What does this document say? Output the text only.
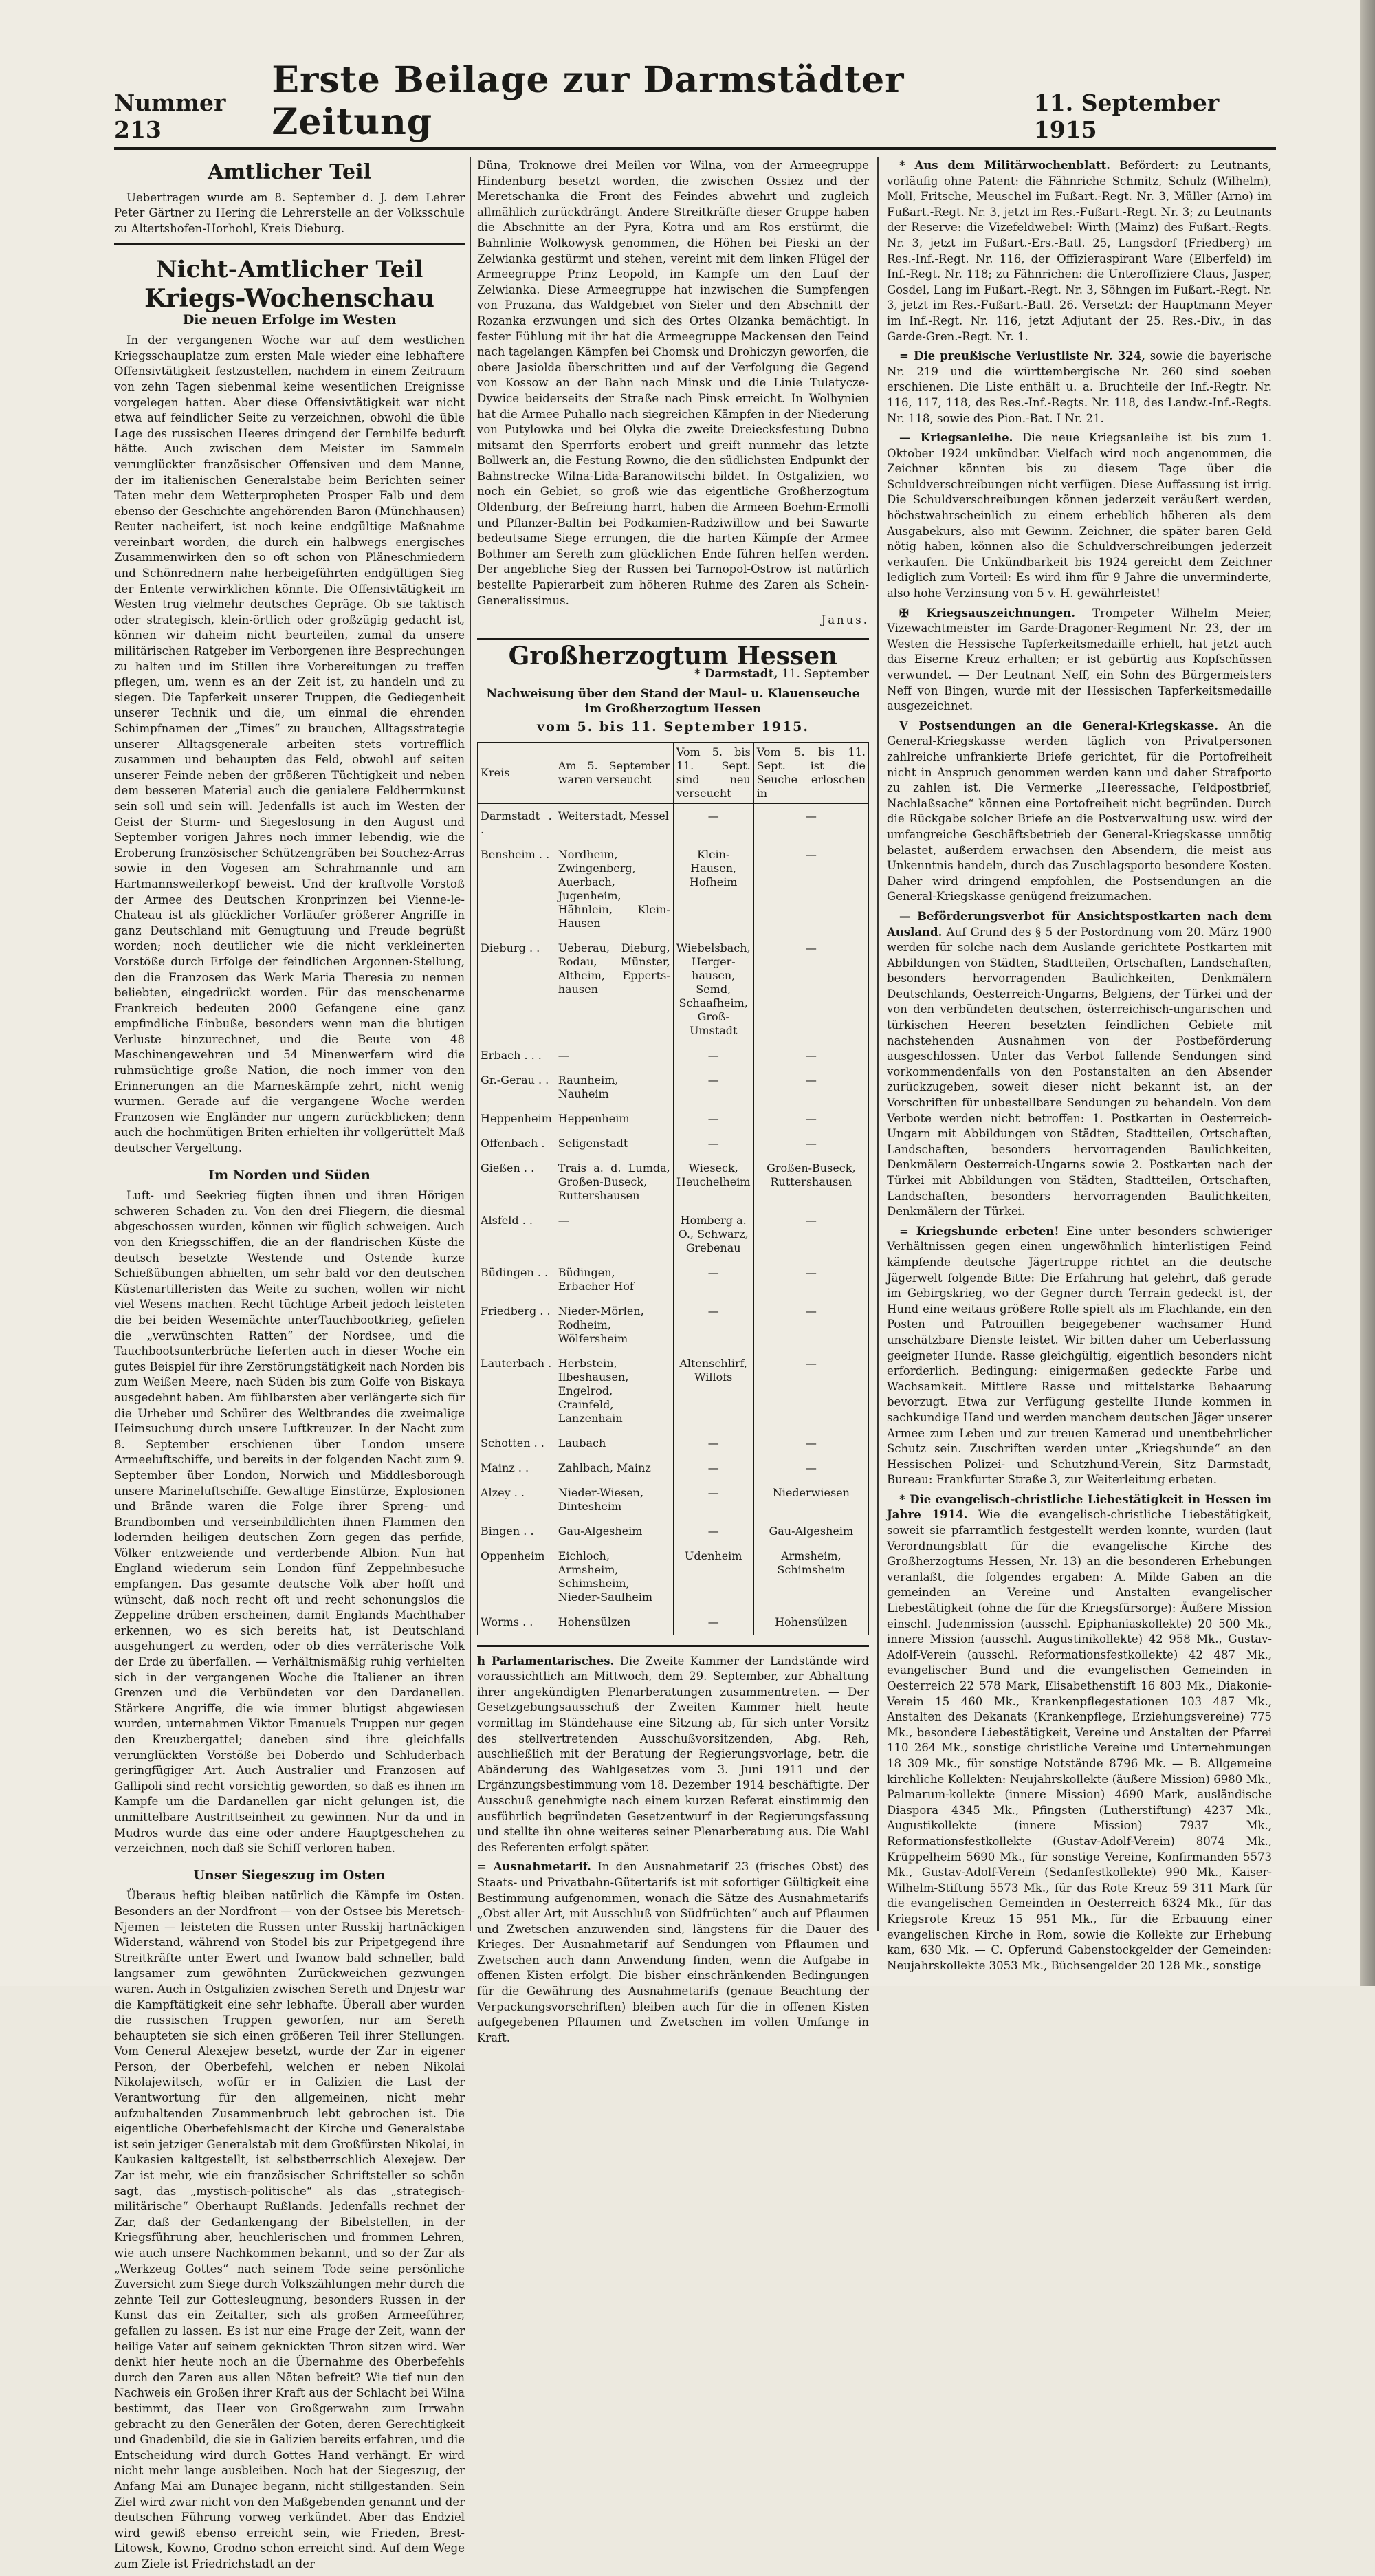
Nummer 213
Erste Beilage zur Darmstädter Zeitung	11. September 1915
Amtlicher Teil

Uebertragen wurde am 8. September d. J. dem Lehrer Peter Gärtner zu Hering die Lehrerstelle an der Volksschule zu Altertshofen-Horhohl, Kreis Dieburg.

Nicht-Amtlicher Teil
Kriegs-Wochenschau
Die neuen Erfolge im Westen

In der vergangenen Woche war auf dem westlichen Kriegsschauplatze zum ersten Male wieder eine lebhaftere Offensivtätigkeit festzustellen, nachdem in einem Zeitraum von zehn Tagen siebenmal keine wesentlichen Ereignisse vorgelegen hatten. Aber diese Offensivtätigkeit war nicht etwa auf feindlicher Seite zu verzeichnen, obwohl die üble Lage des russischen Heeres dringend der Fernhilfe bedurft hätte. Auch zwischen dem Meister im Sammeln verunglückter französischer Offensiven und dem Manne, der im italienischen Generalstabe beim Berichten seiner Taten mehr dem Wetterpropheten Prosper Falb und dem ebenso der Geschichte angehörenden Baron (Münchhausen) Reuter nacheifert, ist noch keine endgültige Maßnahme vereinbart worden, die durch ein halbwegs energisches Zusammenwirken den so oft schon von Pläneschmiedern und Schönrednern nahe herbeigeführten endgültigen Sieg der Entente verwirklichen könnte. Die Offensivtätigkeit im Westen trug vielmehr deutsches Gepräge. Ob sie taktisch oder strategisch, klein-örtlich oder großzügig gedacht ist, können wir daheim nicht beurteilen, zumal da unsere militärischen Ratgeber im Verborgenen ihre Besprechungen zu halten und im Stillen ihre Vorbereitungen zu treffen pflegen, um, wenn es an der Zeit ist, zu handeln und zu siegen. Die Tapferkeit unserer Truppen, die Gediegenheit unserer Technik und die, um einmal die ehrenden Schimpfnamen der „Times“ zu brauchen, Alltagsstrategie unserer Alltagsgenerale arbeiten stets vortrefflich zusammen und behaupten das Feld, obwohl auf seiten unserer Feinde neben der größeren Tüchtigkeit und neben dem besseren Material auch die genialere Feldherrnkunst sein soll und sein will. Jedenfalls ist auch im Westen der Geist der Sturm- und Siegeslosung in den August und September vorigen Jahres noch immer lebendig, wie die Eroberung französischer Schützengräben bei Souchez-Arras sowie in den Vogesen am Schrahmannle und am Hartmannsweilerkopf beweist. Und der kraftvolle Vorstoß der Armee des Deutschen Kronprinzen bei Vienne-le-Chateau ist als glücklicher Vorläufer größerer Angriffe in ganz Deutschland mit Genugtuung und Freude begrüßt worden; noch deutlicher wie die nicht verkleinerten Vorstöße durch Erfolge der feindlichen Argonnen-Stellung, den die Franzosen das Werk Maria Theresia zu nennen beliebten, eingedrückt worden. Für das menschenarme Frankreich bedeuten 2000 Gefangene eine ganz empfindliche Einbuße, besonders wenn man die blutigen Verluste hinzurechnet, und die Beute von 48 Maschinengewehren und 54 Minenwerfern wird die ruhmsüchtige große Nation, die noch immer von den Erinnerungen an die Marneskämpfe zehrt, nicht wenig wurmen. Gerade auf die vergangene Woche werden Franzosen wie Engländer nur ungern zurückblicken; denn auch die hochmütigen Briten erhielten ihr vollgerüttelt Maß deutscher Vergeltung.

Im Norden und Süden

Luft- und Seekrieg fügten ihnen und ihren Hörigen schweren Schaden zu. Von den drei Fliegern, die diesmal abgeschossen wurden, können wir füglich schweigen. Auch von den Kriegsschiffen, die an der flandrischen Küste die deutsch besetzte Westende und Ostende kurze Schießübungen abhielten, um sehr bald vor den deutschen Küstenartilleristen das Weite zu suchen, wollen wir nicht viel Wesens machen. Recht tüchtige Arbeit jedoch leisteten die bei beiden Wesemächte unterTauchbootkrieg, gefielen die „verwünschten Ratten“ der Nordsee, und die Tauchbootsunterbrüche lieferten auch in dieser Woche ein gutes Beispiel für ihre Zerstörungstätigkeit nach Norden bis zum Weißen Meere, nach Süden bis zum Golfe von Biskaya ausgedehnt haben. Am fühlbarsten aber verlängerte sich für die Urheber und Schürer des Weltbrandes die zweimalige Heimsuchung durch unsere Luftkreuzer. In der Nacht zum 8. September erschienen über London unsere Armeeluftschiffe, und bereits in der folgenden Nacht zum 9. September über London, Norwich und Middlesborough unsere Marineluftschiffe. Gewaltige Einstürze, Explosionen und Brände waren die Folge ihrer Spreng- und Brandbomben und verseinbildlichten ihnen Flammen den lodernden heiligen deutschen Zorn gegen das perfide, Völker entzweiende und verderbende Albion. Nun hat England wiederum sein London fünf Zeppelinbesuche empfangen. Das gesamte deutsche Volk aber hofft und wünscht, daß noch recht oft und recht schonungslos die Zeppeline drüben erscheinen, damit Englands Machthaber erkennen, wo es sich bereits hat, ist Deutschland ausgehungert zu werden, oder ob dies verräterische Volk der Erde zu überfallen. — Verhältnismäßig ruhig verhielten sich in der vergangenen Woche die Italiener an ihren Grenzen und die Verbündeten vor den Dardanellen. Stärkere Angriffe, die wie immer blutigst abgewiesen wurden, unternahmen Viktor Emanuels Truppen nur gegen den Kreuzbergattel; daneben sind ihre gleichfalls verunglückten Vorstöße bei Doberdo und Schluderbach geringfügiger Art. Auch Australier und Franzosen auf Gallipoli sind recht vorsichtig geworden, so daß es ihnen im Kampfe um die Dardanellen gar nicht gelungen ist, die unmittelbare Austrittseinheit zu gewinnen. Nur da und in Mudros wurde das eine oder andere Hauptgeschehen zu verzeichnen, noch daß sie Schiff verloren haben.

Unser Siegeszug im Osten

Überaus heftig bleiben natürlich die Kämpfe im Osten. Besonders an der Nordfront — von der Ostsee bis Meretsch-Njemen — leisteten die Russen unter Russkij hartnäckigen Widerstand, während von Stodel bis zur Pripetgegend ihre Streitkräfte unter Ewert und Iwanow bald schneller, bald langsamer zum gewöhnten Zurückweichen gezwungen waren. Auch in Ostgalizien zwischen Sereth und Dnjestr war die Kampftätigkeit eine sehr lebhafte. Überall aber wurden die russischen Truppen geworfen, nur am Sereth behaupteten sie sich einen größeren Teil ihrer Stellungen. Vom General Alexejew besetzt, wurde der Zar in eigener Person, der Oberbefehl, welchen er neben Nikolai Nikolajewitsch, wofür er in Galizien die Last der Verantwortung für den allgemeinen, nicht mehr aufzuhaltenden Zusammenbruch lebt gebrochen ist. Die eigentliche Oberbefehlsmacht der Kirche und Generalstabe ist sein jetziger Generalstab mit dem Großfürsten Nikolai, in Kaukasien kaltgestellt, ist selbstberrschlich Alexejew. Der Zar ist mehr, wie ein französischer Schriftsteller so schön sagt, das „mystisch-politische“ als das „strategisch-militärische“ Oberhaupt Rußlands. Jedenfalls rechnet der Zar, daß der Gedankengang der Bibelstellen, in der Kriegsführung aber, heuchlerischen und frommen Lehren, wie auch unsere Nachkommen bekannt, und so der Zar als „Werkzeug Gottes“ nach seinem Tode seine persönliche Zuversicht zum Siege durch Volkszählungen mehr durch die zehnte Teil zur Gottesleugnung, besonders Russen in der Kunst das ein Zeitalter, sich als großen Armeeführer, gefallen zu lassen. Es ist nur eine Frage der Zeit, wann der heilige Vater auf seinem geknickten Thron sitzen wird. Wer denkt hier heute noch an die Übernahme des Oberbefehls durch den Zaren aus allen Nöten befreit? Wie tief nun den Nachweis ein Großen ihrer Kraft aus der Schlacht bei Wilna bestimmt, das Heer von Großgerwahn zum Irrwahn gebracht zu den Generälen der Goten, deren Gerechtigkeit und Gnadenbild, die sie in Galizien bereits erfahren, und die Entscheidung wird durch Gottes Hand verhängt. Er wird nicht mehr lange ausbleiben. Noch hat der Siegeszug, der Anfang Mai am Dunajec begann, nicht stillgestanden. Sein Ziel wird zwar nicht von den Maßgebenden genannt und der deutschen Führung vorweg verkündet. Aber das Endziel wird gewiß ebenso erreicht sein, wie Frieden, Brest-Litowsk, Kowno, Grodno schon erreicht sind. Auf dem Wege zum Ziele ist Friedrichstadt an der

Düna, Troknowe drei Meilen vor Wilna, von der Armeegruppe Hindenburg besetzt worden, die zwischen Ossiez und der Meretschanka die Front des Feindes abwehrt und zugleich allmählich zurückdrängt. Andere Streitkräfte dieser Gruppe haben die Abschnitte an der Pyra, Kotra und am Ros erstürmt, die Bahnlinie Wolkowysk genommen, die Höhen bei Pieski an der Zelwianka gestürmt und stehen, vereint mit dem linken Flügel der Armeegruppe Prinz Leopold, im Kampfe um den Lauf der Zelwianka. Diese Armeegruppe hat inzwischen die Sumpfengen von Pruzana, das Waldgebiet von Sieler und den Abschnitt der Rozanka erzwungen und sich des Ortes Olzanka bemächtigt. In fester Fühlung mit ihr hat die Armeegruppe Mackensen den Feind nach tagelangen Kämpfen bei Chomsk und Drohiczyn geworfen, die obere Jasiolda überschritten und auf der Verfolgung die Gegend von Kossow an der Bahn nach Minsk und die Linie Tulatycze-Dywice beiderseits der Straße nach Pinsk erreicht. In Wolhynien hat die Armee Puhallo nach siegreichen Kämpfen in der Niederung von Putylowka und bei Olyka die zweite Dreiecksfestung Dubno mitsamt den Sperrforts erobert und greift nunmehr das letzte Bollwerk an, die Festung Rowno, die den südlichsten Endpunkt der Bahnstrecke Wilna-Lida-Baranowitschi bildet. In Ostgalizien, wo noch ein Gebiet, so groß wie das eigentliche Großherzogtum Oldenburg, der Befreiung harrt, haben die Armeen Boehm-Ermolli und Pflanzer-Baltin bei Podkamien-Radziwillow und bei Sawarte bedeutsame Siege errungen, die die harten Kämpfe der Armee Bothmer am Sereth zum glücklichen Ende führen helfen werden. Der angebliche Sieg der Russen bei Tarnopol-Ostrow ist natürlich bestellte Papierarbeit zum höheren Ruhme des Zaren als Schein-Generalissimus.

Janus.
Großherzogtum Hessen
* Darmstadt, 11. September
Nachweisung über den Stand der Maul- u. Klauenseuche im Großherzogtum Hessen
vom 5. bis 11. September 1915.
Kreis	Am 5. September waren verseucht	Vom 5. bis 11. Sept. sind neu verseucht	Vom 5. bis 11. Sept. ist die Seuche erloschen in
Darmstadt . .	Weiterstadt, Messel	—	—
Bensheim . .	Nordheim, Zwingenberg, Auerbach, Jugenheim, Hähnlein, Klein-Hausen	Klein-Hausen, Hofheim	—
Dieburg . .	Ueberau, Dieburg, Rodau, Münster, Altheim, Epperts-hausen	Wiebelsbach, Herger-hausen, Semd, Schaafheim, Groß-Umstadt	—
Erbach . . .	—	—	—
Gr.-Gerau . .	Raunheim, Nauheim	—	—
Heppenheim	Heppenheim	—	—
Offenbach .	Seligenstadt	—	—
Gießen . .	Trais a. d. Lumda, Großen-Buseck, Ruttershausen	Wieseck, Heuchelheim	Großen-Buseck, Ruttershausen
Alsfeld . .	—	Homberg a. O., Schwarz, Grebenau	—
Büdingen . .	Büdingen, Erbacher Hof	—	—
Friedberg . .	Nieder-Mörlen, Rodheim, Wölfersheim	—	—
Lauterbach .	Herbstein, Ilbeshausen, Engelrod, Crainfeld, Lanzenhain	Altenschlirf, Willofs	—
Schotten . .	Laubach	—	—
Mainz . .	Zahlbach, Mainz	—	—
Alzey . .	Nieder-Wiesen, Dintesheim	—	Niederwiesen
Bingen . .	Gau-Algesheim	—	Gau-Algesheim
Oppenheim	Eichloch, Armsheim, Schimsheim, Nieder-Saulheim	Udenheim	Armsheim, Schimsheim
Worms . .	Hohensülzen	—	Hohensülzen

h Parlamentarisches. Die Zweite Kammer der Landstände wird voraussichtlich am Mittwoch, dem 29. September, zur Abhaltung ihrer angekündigten Plenarberatungen zusammentreten. — Der Gesetzgebungsausschuß der Zweiten Kammer hielt heute vormittag im Ständehause eine Sitzung ab, für sich unter Vorsitz des stellvertretenden Ausschußvorsitzenden, Abg. Reh, auschließlich mit der Beratung der Regierungsvorlage, betr. die Abänderung des Wahlgesetzes vom 3. Juni 1911 und der Ergänzungsbestimmung vom 18. Dezember 1914 beschäftigte. Der Ausschuß genehmigte nach einem kurzen Referat einstimmig den ausführlich begründeten Gesetzentwurf in der Regierungsfassung und stellte ihn ohne weiteres seiner Plenarberatung aus. Die Wahl des Referenten erfolgt später.

= Ausnahmetarif. In den Ausnahmetarif 23 (frisches Obst) des Staats- und Privatbahn-Gütertarifs ist mit sofortiger Gültigkeit eine Bestimmung aufgenommen, wonach die Sätze des Ausnahmetarifs „Obst aller Art, mit Ausschluß von Südfrüchten“ auch auf Pflaumen und Zwetschen anzuwenden sind, längstens für die Dauer des Krieges. Der Ausnahmetarif auf Sendungen von Pflaumen und Zwetschen auch dann Anwendung finden, wenn die Aufgabe in offenen Kisten erfolgt. Die bisher einschränkenden Bedingungen für die Gewährung des Ausnahmetarifs (genaue Beachtung der Verpackungsvorschriften) bleiben auch für die in offenen Kisten aufgegebenen Pflaumen und Zwetschen im vollen Umfange in Kraft.

* Aus dem Militärwochenblatt. Befördert: zu Leutnants, vorläufig ohne Patent: die Fähnriche Schmitz, Schulz (Wilhelm), Moll, Fritsche, Meuschel im Fußart.-Regt. Nr. 3, Müller (Arno) im Fußart.-Regt. Nr. 3, jetzt im Res.-Fußart.-Regt. Nr. 3; zu Leutnants der Reserve: die Vizefeldwebel: Wirth (Mainz) des Fußart.-Regts. Nr. 3, jetzt im Fußart.-Ers.-Batl. 25, Langsdorf (Friedberg) im Res.-Inf.-Regt. Nr. 116, der Offizieraspirant Ware (Elberfeld) im Inf.-Regt. Nr. 118; zu Fähnrichen: die Unteroffiziere Claus, Jasper, Gosdel, Lang im Fußart.-Regt. Nr. 3, Söhngen im Fußart.-Regt. Nr. 3, jetzt im Res.-Fußart.-Batl. 26. Versetzt: der Hauptmann Meyer im Inf.-Regt. Nr. 116, jetzt Adjutant der 25. Res.-Div., in das Garde-Gren.-Regt. Nr. 1.

= Die preußische Verlustliste Nr. 324, sowie die bayerische Nr. 219 und die württembergische Nr. 260 sind soeben erschienen. Die Liste enthält u. a. Bruchteile der Inf.-Regtr. Nr. 116, 117, 118, des Res.-Inf.-Regts. Nr. 118, des Landw.-Inf.-Regts. Nr. 118, sowie des Pion.-Bat. I Nr. 21.

— Kriegsanleihe. Die neue Kriegsanleihe ist bis zum 1. Oktober 1924 unkündbar. Vielfach wird noch angenommen, die Zeichner könnten bis zu diesem Tage über die Schuldverschreibungen nicht verfügen. Diese Auffassung ist irrig. Die Schuldverschreibungen können jederzeit veräußert werden, höchstwahrscheinlich zu einem erheblich höheren als dem Ausgabekurs, also mit Gewinn. Zeichner, die später baren Geld nötig haben, können also die Schuldverschreibungen jederzeit verkaufen. Die Unkündbarkeit bis 1924 gereicht dem Zeichner lediglich zum Vorteil: Es wird ihm für 9 Jahre die unverminderte, also hohe Verzinsung von 5 v. H. gewährleistet!

✠ Kriegsauszeichnungen. Trompeter Wilhelm Meier, Vizewachtmeister im Garde-Dragoner-Regiment Nr. 23, der im Westen die Hessische Tapferkeitsmedaille erhielt, hat jetzt auch das Eiserne Kreuz erhalten; er ist gebürtig aus Kopfschüssen verwundet. — Der Leutnant Neff, ein Sohn des Bürgermeisters Neff von Bingen, wurde mit der Hessischen Tapferkeitsmedaille ausgezeichnet.

V Postsendungen an die General-Kriegskasse. An die General-Kriegskasse werden täglich von Privatpersonen zahlreiche unfrankierte Briefe gerichtet, für die Portofreiheit nicht in Anspruch genommen werden kann und daher Strafporto zu zahlen ist. Die Vermerke „Heeressache, Feldpostbrief, Nachlaßsache“ können eine Portofreiheit nicht begründen. Durch die Rückgabe solcher Briefe an die Postverwaltung usw. wird der umfangreiche Geschäftsbetrieb der General-Kriegskasse unnötig belastet, außerdem erwachsen den Absendern, die meist aus Unkenntnis handeln, durch das Zuschlagsporto besondere Kosten. Daher wird dringend empfohlen, die Postsendungen an die General-Kriegskasse genügend freizumachen.

— Beförderungsverbot für Ansichtspostkarten nach dem Ausland. Auf Grund des § 5 der Postordnung vom 20. März 1900 werden für solche nach dem Auslande gerichtete Postkarten mit Abbildungen von Städten, Stadtteilen, Ortschaften, Landschaften, besonders hervorragenden Baulichkeiten, Denkmälern Deutschlands, Oesterreich-Ungarns, Belgiens, der Türkei und der von den verbündeten deutschen, österreichisch-ungarischen und türkischen Heeren besetzten feindlichen Gebiete mit nachstehenden Ausnahmen von der Postbeförderung ausgeschlossen. Unter das Verbot fallende Sendungen sind vorkommendenfalls von den Postanstalten an den Absender zurückzugeben, soweit dieser nicht bekannt ist, an der Vorschriften für unbestellbare Sendungen zu behandeln. Von dem Verbote werden nicht betroffen: 1. Postkarten in Oesterreich-Ungarn mit Abbildungen von Städten, Stadtteilen, Ortschaften, Landschaften, besonders hervorragenden Baulichkeiten, Denkmälern Oesterreich-Ungarns sowie 2. Postkarten nach der Türkei mit Abbildungen von Städten, Stadtteilen, Ortschaften, Landschaften, besonders hervorragenden Baulichkeiten, Denkmälern der Türkei.

= Kriegshunde erbeten! Eine unter besonders schwieriger Verhältnissen gegen einen ungewöhnlich hinterlistigen Feind kämpfende deutsche Jägertruppe richtet an die deutsche Jägerwelt folgende Bitte: Die Erfahrung hat gelehrt, daß gerade im Gebirgskrieg, wo der Gegner durch Terrain gedeckt ist, der Hund eine weitaus größere Rolle spielt als im Flachlande, ein den Posten und Patrouillen beigegebener wachsamer Hund unschätzbare Dienste leistet. Wir bitten daher um Ueberlassung geeigneter Hunde. Rasse gleichgültig, eigentlich besonders nicht erforderlich. Bedingung: einigermaßen gedeckte Farbe und Wachsamkeit. Mittlere Rasse und mittelstarke Behaarung bevorzugt. Etwa zur Verfügung gestellte Hunde kommen in sachkundige Hand und werden manchem deutschen Jäger unserer Armee zum Leben und zur treuen Kamerad und unentbehrlicher Schutz sein. Zuschriften werden unter „Kriegshunde“ an den Hessischen Polizei- und Schutzhund-Verein, Sitz Darmstadt, Bureau: Frankfurter Straße 3, zur Weiterleitung erbeten.

* Die evangelisch-christliche Liebestätigkeit in Hessen im Jahre 1914. Wie die evangelisch-christliche Liebestätigkeit, soweit sie pfarramtlich festgestellt werden konnte, wurden (laut Verordnungsblatt für die evangelische Kirche des Großherzogtums Hessen, Nr. 13) an die besonderen Erhebungen veranlaßt, die folgendes ergaben: A. Milde Gaben an die gemeinden an Vereine und Anstalten evangelischer Liebestätigkeit (ohne die für die Kriegsfürsorge): Äußere Mission einschl. Judenmission (ausschl. Epiphaniaskollekte) 20 500 Mk., innere Mission (ausschl. Augustinikollekte) 42 958 Mk., Gustav-Adolf-Verein (ausschl. Reformationsfestkollekte) 42 487 Mk., evangelischer Bund und die evangelischen Gemeinden in Oesterreich 22 578 Mark, Elisabethenstift 16 803 Mk., Diakonie-Verein 15 460 Mk., Krankenpflegestationen 103 487 Mk., Anstalten des Dekanats (Krankenpflege, Erziehungsvereine) 775 Mk., besondere Liebestätigkeit, Vereine und Anstalten der Pfarrei 110 264 Mk., sonstige christliche Vereine und Unternehmungen 18 309 Mk., für sonstige Notstände 8796 Mk. — B. Allgemeine kirchliche Kollekten: Neujahrskollekte (äußere Mission) 6980 Mk., Palmarum-kollekte (innere Mission) 4690 Mark, ausländische Diaspora 4345 Mk., Pfingsten (Lutherstiftung) 4237 Mk., Augustikollekte (innere Mission) 7937 Mk., Reformationsfestkollekte (Gustav-Adolf-Verein) 8074 Mk., Krüppelheim 5690 Mk., für sonstige Vereine, Konfirmanden 5573 Mk., Gustav-Adolf-Verein (Sedanfestkollekte) 990 Mk., Kaiser-Wilhelm-Stiftung 5573 Mk., für das Rote Kreuz 59 311 Mark für die evangelischen Gemeinden in Oesterreich 6324 Mk., für das Kriegsrote Kreuz 15 951 Mk., für die Erbauung einer evangelischen Kirche in Rom, sowie die Kollekte zur Erhebung kam, 630 Mk. — C. Opferund Gabenstockgelder der Gemeinden: Neujahrskollekte 3053 Mk., Büchsengelder 20 128 Mk., sonstige
